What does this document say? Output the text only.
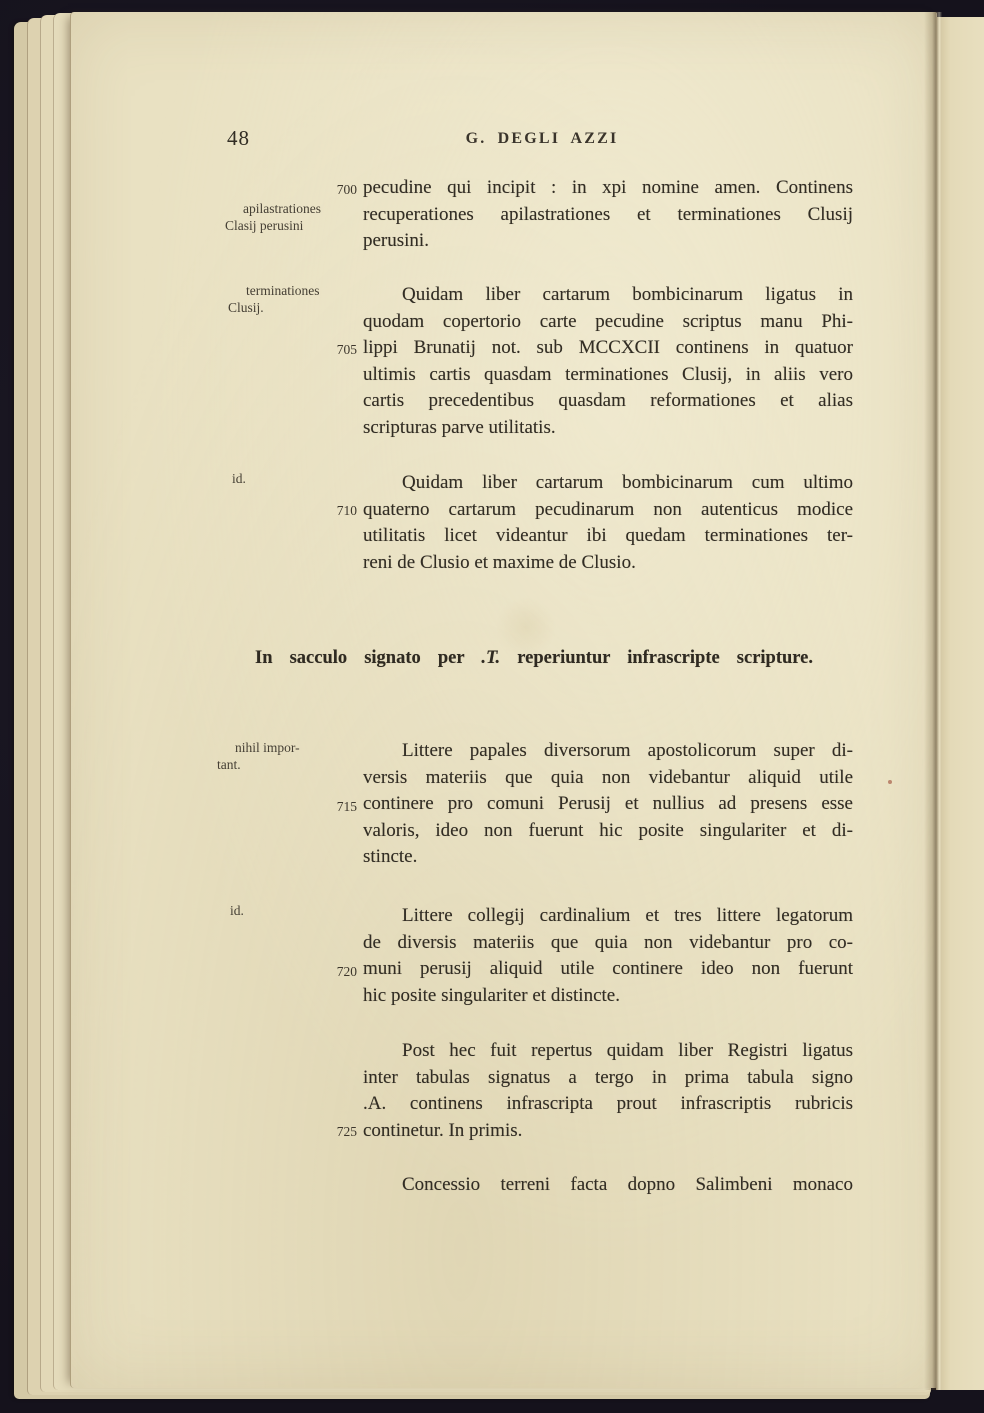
48	G. DEGLI AZZI
apilastrationes
Clasij perusini
terminationes
Clusij.
id.
nihil impor-
tant.
id.
700
705
710
715
720
725
pecudine qui incipit : in xpi nomine amen. Continens
recuperationes apilastrationes et terminationes Clusij
perusini.
Quidam liber cartarum bombicinarum ligatus in
quodam copertorio carte pecudine scriptus manu Phi-
lippi Brunatij not. sub MCCXCII continens in quatuor
ultimis cartis quasdam terminationes Clusij, in aliis vero
cartis precedentibus quasdam reformationes et alias
scripturas parve utilitatis.
Quidam liber cartarum bombicinarum cum ultimo
quaterno cartarum pecudinarum non autenticus modice
utilitatis licet videantur ibi quedam terminationes ter-
reni de Clusio et maxime de Clusio.
In sacculo signato per .T. reperiuntur infrascripte scripture.
Littere papales diversorum apostolicorum super di-
versis materiis que quia non videbantur aliquid utile
continere pro comuni Perusij et nullius ad presens esse
valoris, ideo non fuerunt hic posite singulariter et di-
stincte.
Littere collegij cardinalium et tres littere legatorum
de diversis materiis que quia non videbantur pro co-
muni perusij aliquid utile continere ideo non fuerunt
hic posite singulariter et distincte.
Post hec fuit repertus quidam liber Registri ligatus
inter tabulas signatus a tergo in prima tabula signo
.A. continens infrascripta prout infrascriptis rubricis
continetur. In primis.
Concessio terreni facta dopno Salimbeni monaco
